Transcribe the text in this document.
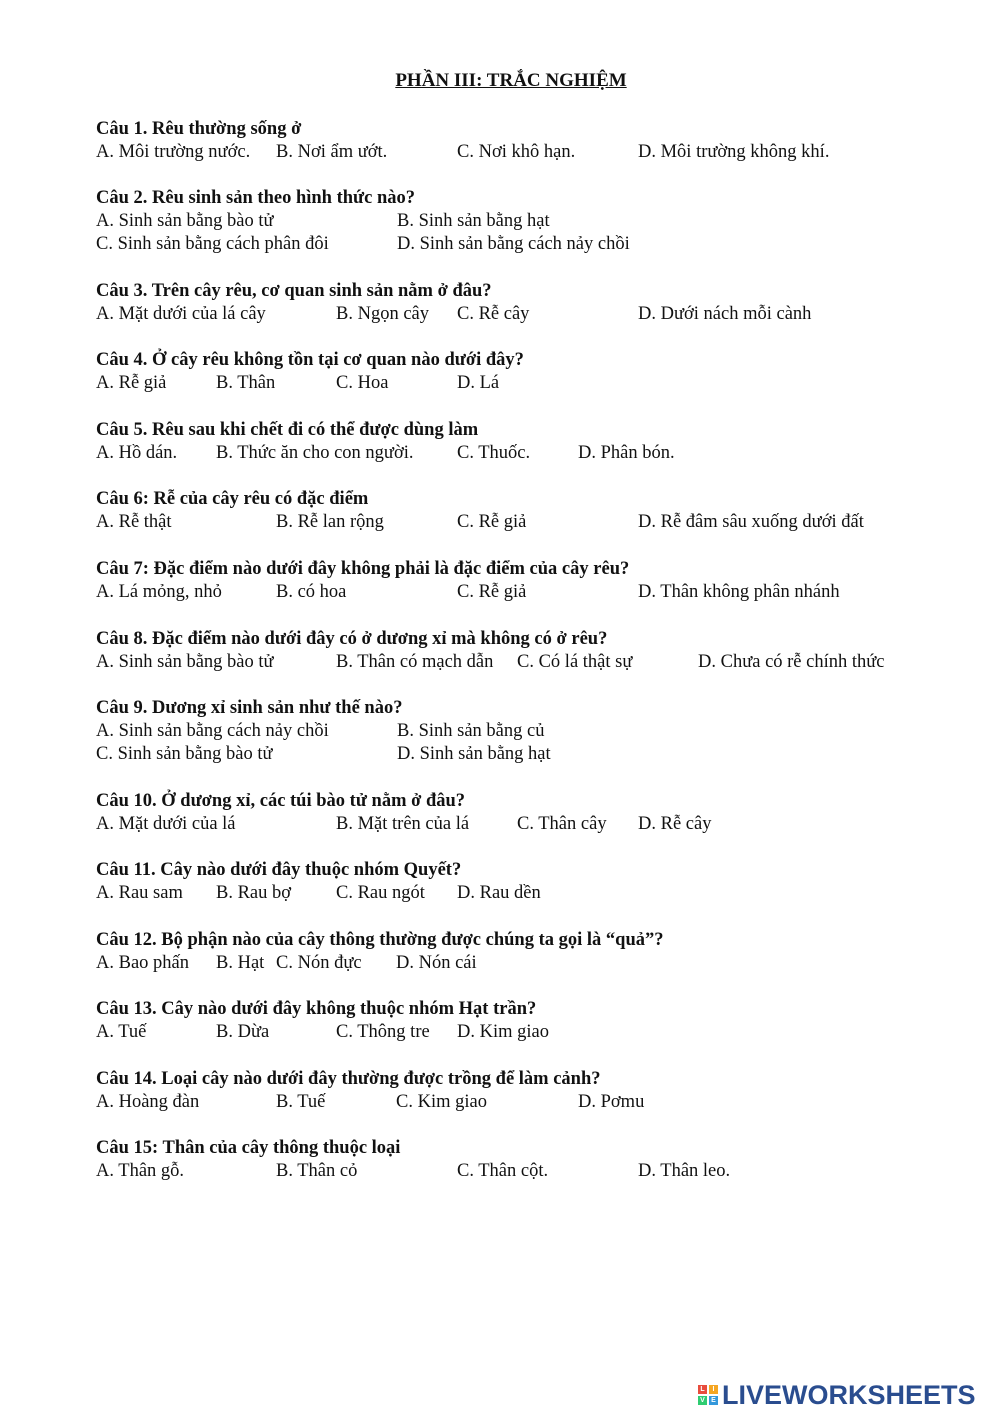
PHẦN III: TRẮC NGHIỆM
Câu 1. Rêu thường sống ở
A. Môi trường nước. B. Nơi ẩm ướt.	C. Nơi khô hạn.	D. Môi trường không khí.
Câu 2. Rêu sinh sản theo hình thức nào?
A. Sinh sản bằng bào tử	B. Sinh sản bằng hạt
C. Sinh sản bằng cách phân đôi	D. Sinh sản bằng cách nảy chồi
Câu 3. Trên cây rêu, cơ quan sinh sản nằm ở đâu?
A. Mặt dưới của lá cây	B. Ngọn cây C. Rễ cây	D. Dưới nách mỗi cành
Câu 4. Ở cây rêu không tồn tại cơ quan nào dưới đây?
A. Rễ giả	B. Thân	C. Hoa	D. Lá
Câu 5. Rêu sau khi chết đi có thể được dùng làm
A. Hồ dán. B. Thức ăn cho con người. C. Thuốc.	D. Phân bón.
Câu 6: Rễ của cây rêu có đặc điểm
A. Rễ thật	B. Rễ lan rộng	C. Rễ giả	D. Rễ đâm sâu xuống dưới đất
Câu 7: Đặc điểm nào dưới đây không phải là đặc điểm của cây rêu?
A. Lá mỏng, nhỏ	B. có hoa	C. Rễ giả	D. Thân không phân nhánh
Câu 8. Đặc điểm nào dưới đây có ở dương xỉ mà không có ở rêu?
A. Sinh sản bằng bào tử	B. Thân có mạch dẫn C. Có lá thật sự	D. Chưa có rễ chính thức
Câu 9. Dương xỉ sinh sản như thế nào?
A. Sinh sản bằng cách nảy chồi	B. Sinh sản bằng củ
C. Sinh sản bằng bào tử	D. Sinh sản bằng hạt
Câu 10. Ở dương xỉ, các túi bào tử nằm ở đâu?
A. Mặt dưới của lá	B. Mặt trên của lá	C. Thân cây D. Rễ cây
Câu 11. Cây nào dưới đây thuộc nhóm Quyết?
A. Rau sam B. Rau bợ C. Rau ngót D. Rau dền
Câu 12. Bộ phận nào của cây thông thường được chúng ta gọi là “quả”?
A. Bao phấn B. Hạt C. Nón đực D. Nón cái
Câu 13. Cây nào dưới đây không thuộc nhóm Hạt trần?
A. Tuế	B. Dừa	C. Thông tre D. Kim giao
Câu 14. Loại cây nào dưới đây thường được trồng để làm cảnh?
A. Hoàng đàn	B. Tuế	C. Kim giao	D. Pơmu
Câu 15: Thân của cây thông thuộc loại
A. Thân gỗ.	B. Thân cỏ	C. Thân cột.	D. Thân leo.
L	I
V E LIVEWORKSHEETS
